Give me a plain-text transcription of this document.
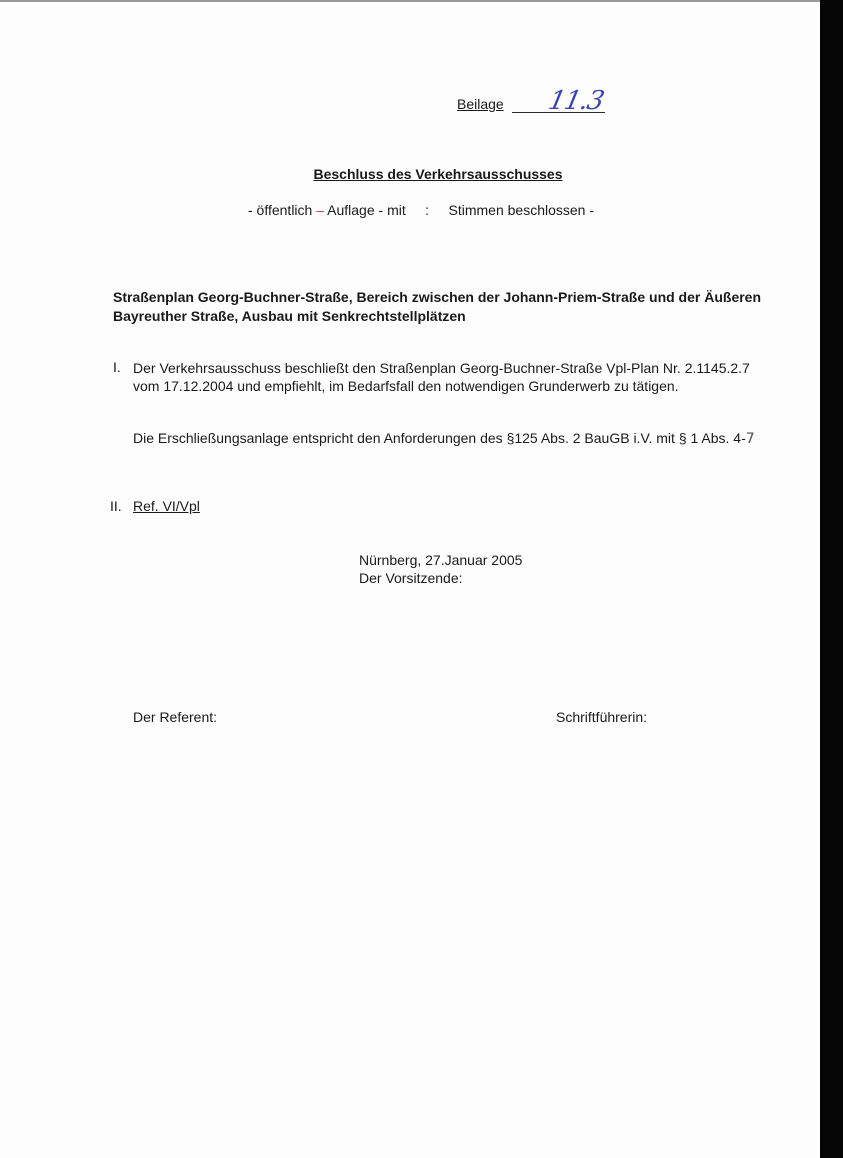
Beilage 11.3
Beschluss des Verkehrsausschusses
- öffentlich – Auflage - mit     :     Stimmen beschlossen -
Straßenplan Georg-Buchner-Straße, Bereich zwischen der Johann-Priem-Straße und der Äußeren Bayreuther Straße, Ausbau mit Senkrechtstellplätzen
I. Der Verkehrsausschuss beschließt den Straßenplan Georg-Buchner-Straße Vpl-Plan Nr. 2.1145.2.7 vom 17.12.2004 und empfiehlt, im Bedarfsfall den notwendigen Grunderwerb zu tätigen.
Die Erschließungsanlage entspricht den Anforderungen des §125 Abs. 2 BauGB i.V. mit § 1 Abs. 4-7
II. Ref. VI/Vpl
Nürnberg, 27.Januar 2005
Der Vorsitzende:
Der Referent:	Schriftführerin:
